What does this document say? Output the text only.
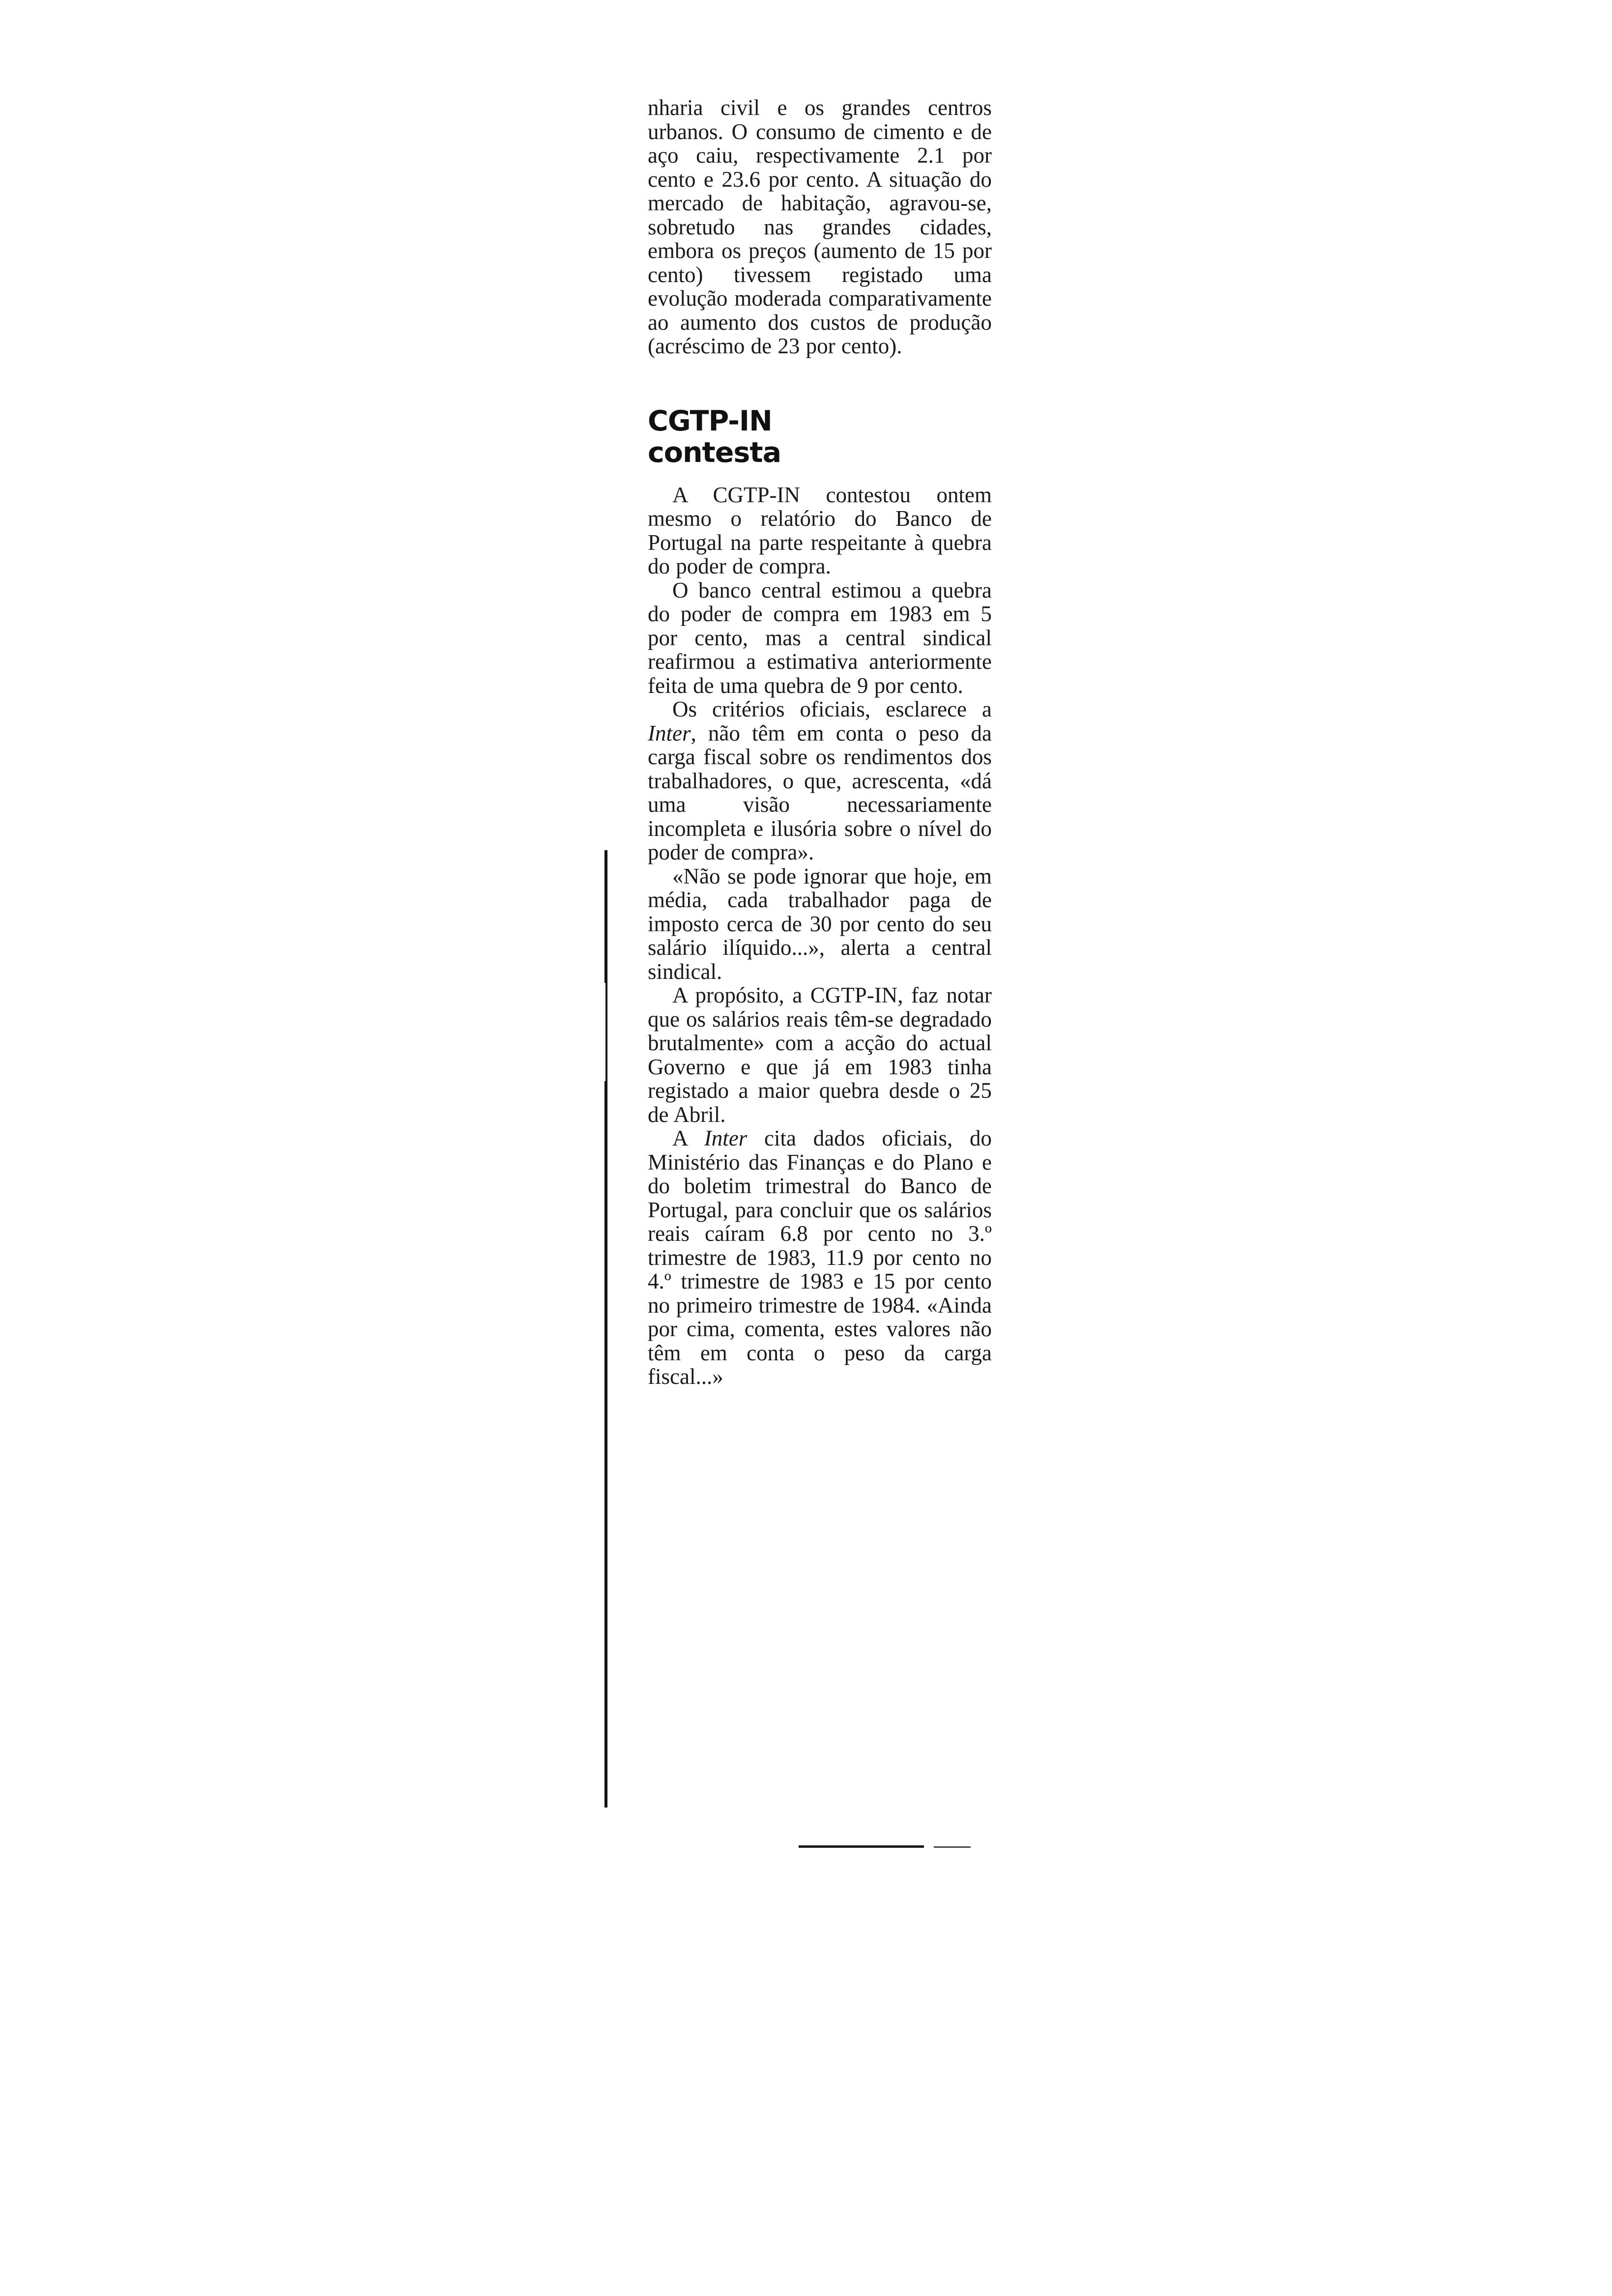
nharia civil e os grandes centros urbanos. O consumo de cimento e de aço caiu, respectivamente 2.1 por cento e 23.6 por cento. A situação do mercado de habitação, agravou-se, sobretudo nas grandes cidades, embora os preços (aumento de 15 por cento) tivessem registado uma evolução moderada comparativamente ao aumento dos custos de produção (acréscimo de 23 por cento).

CGTP-IN
contesta

A CGTP-IN contestou ontem mesmo o relatório do Banco de Portugal na parte respeitante à quebra do poder de compra.

O banco central estimou a quebra do poder de compra em 1983 em 5 por cento, mas a central sindical reafirmou a estimativa anteriormente feita de uma quebra de 9 por cento.

Os critérios oficiais, esclarece a Inter, não têm em conta o peso da carga fiscal sobre os rendimentos dos trabalhadores, o que, acrescenta, «dá uma visão necessariamente incompleta e ilusória sobre o nível do poder de compra».

«Não se pode ignorar que hoje, em média, cada trabalhador paga de imposto cerca de 30 por cento do seu salário ilíquido...», alerta a central sindical.

A propósito, a CGTP-IN, faz notar que os salários reais têm-se degradado brutalmente» com a acção do actual Governo e que já em 1983 tinha registado a maior quebra desde o 25 de Abril.

A Inter cita dados oficiais, do Ministério das Finanças e do Plano e do boletim trimestral do Banco de Portugal, para concluir que os salários reais caíram 6.8 por cento no 3.º trimestre de 1983, 11.9 por cento no 4.º trimestre de 1983 e 15 por cento no primeiro trimestre de 1984. «Ainda por cima, comenta, estes valores não têm em conta o peso da carga fiscal...»
